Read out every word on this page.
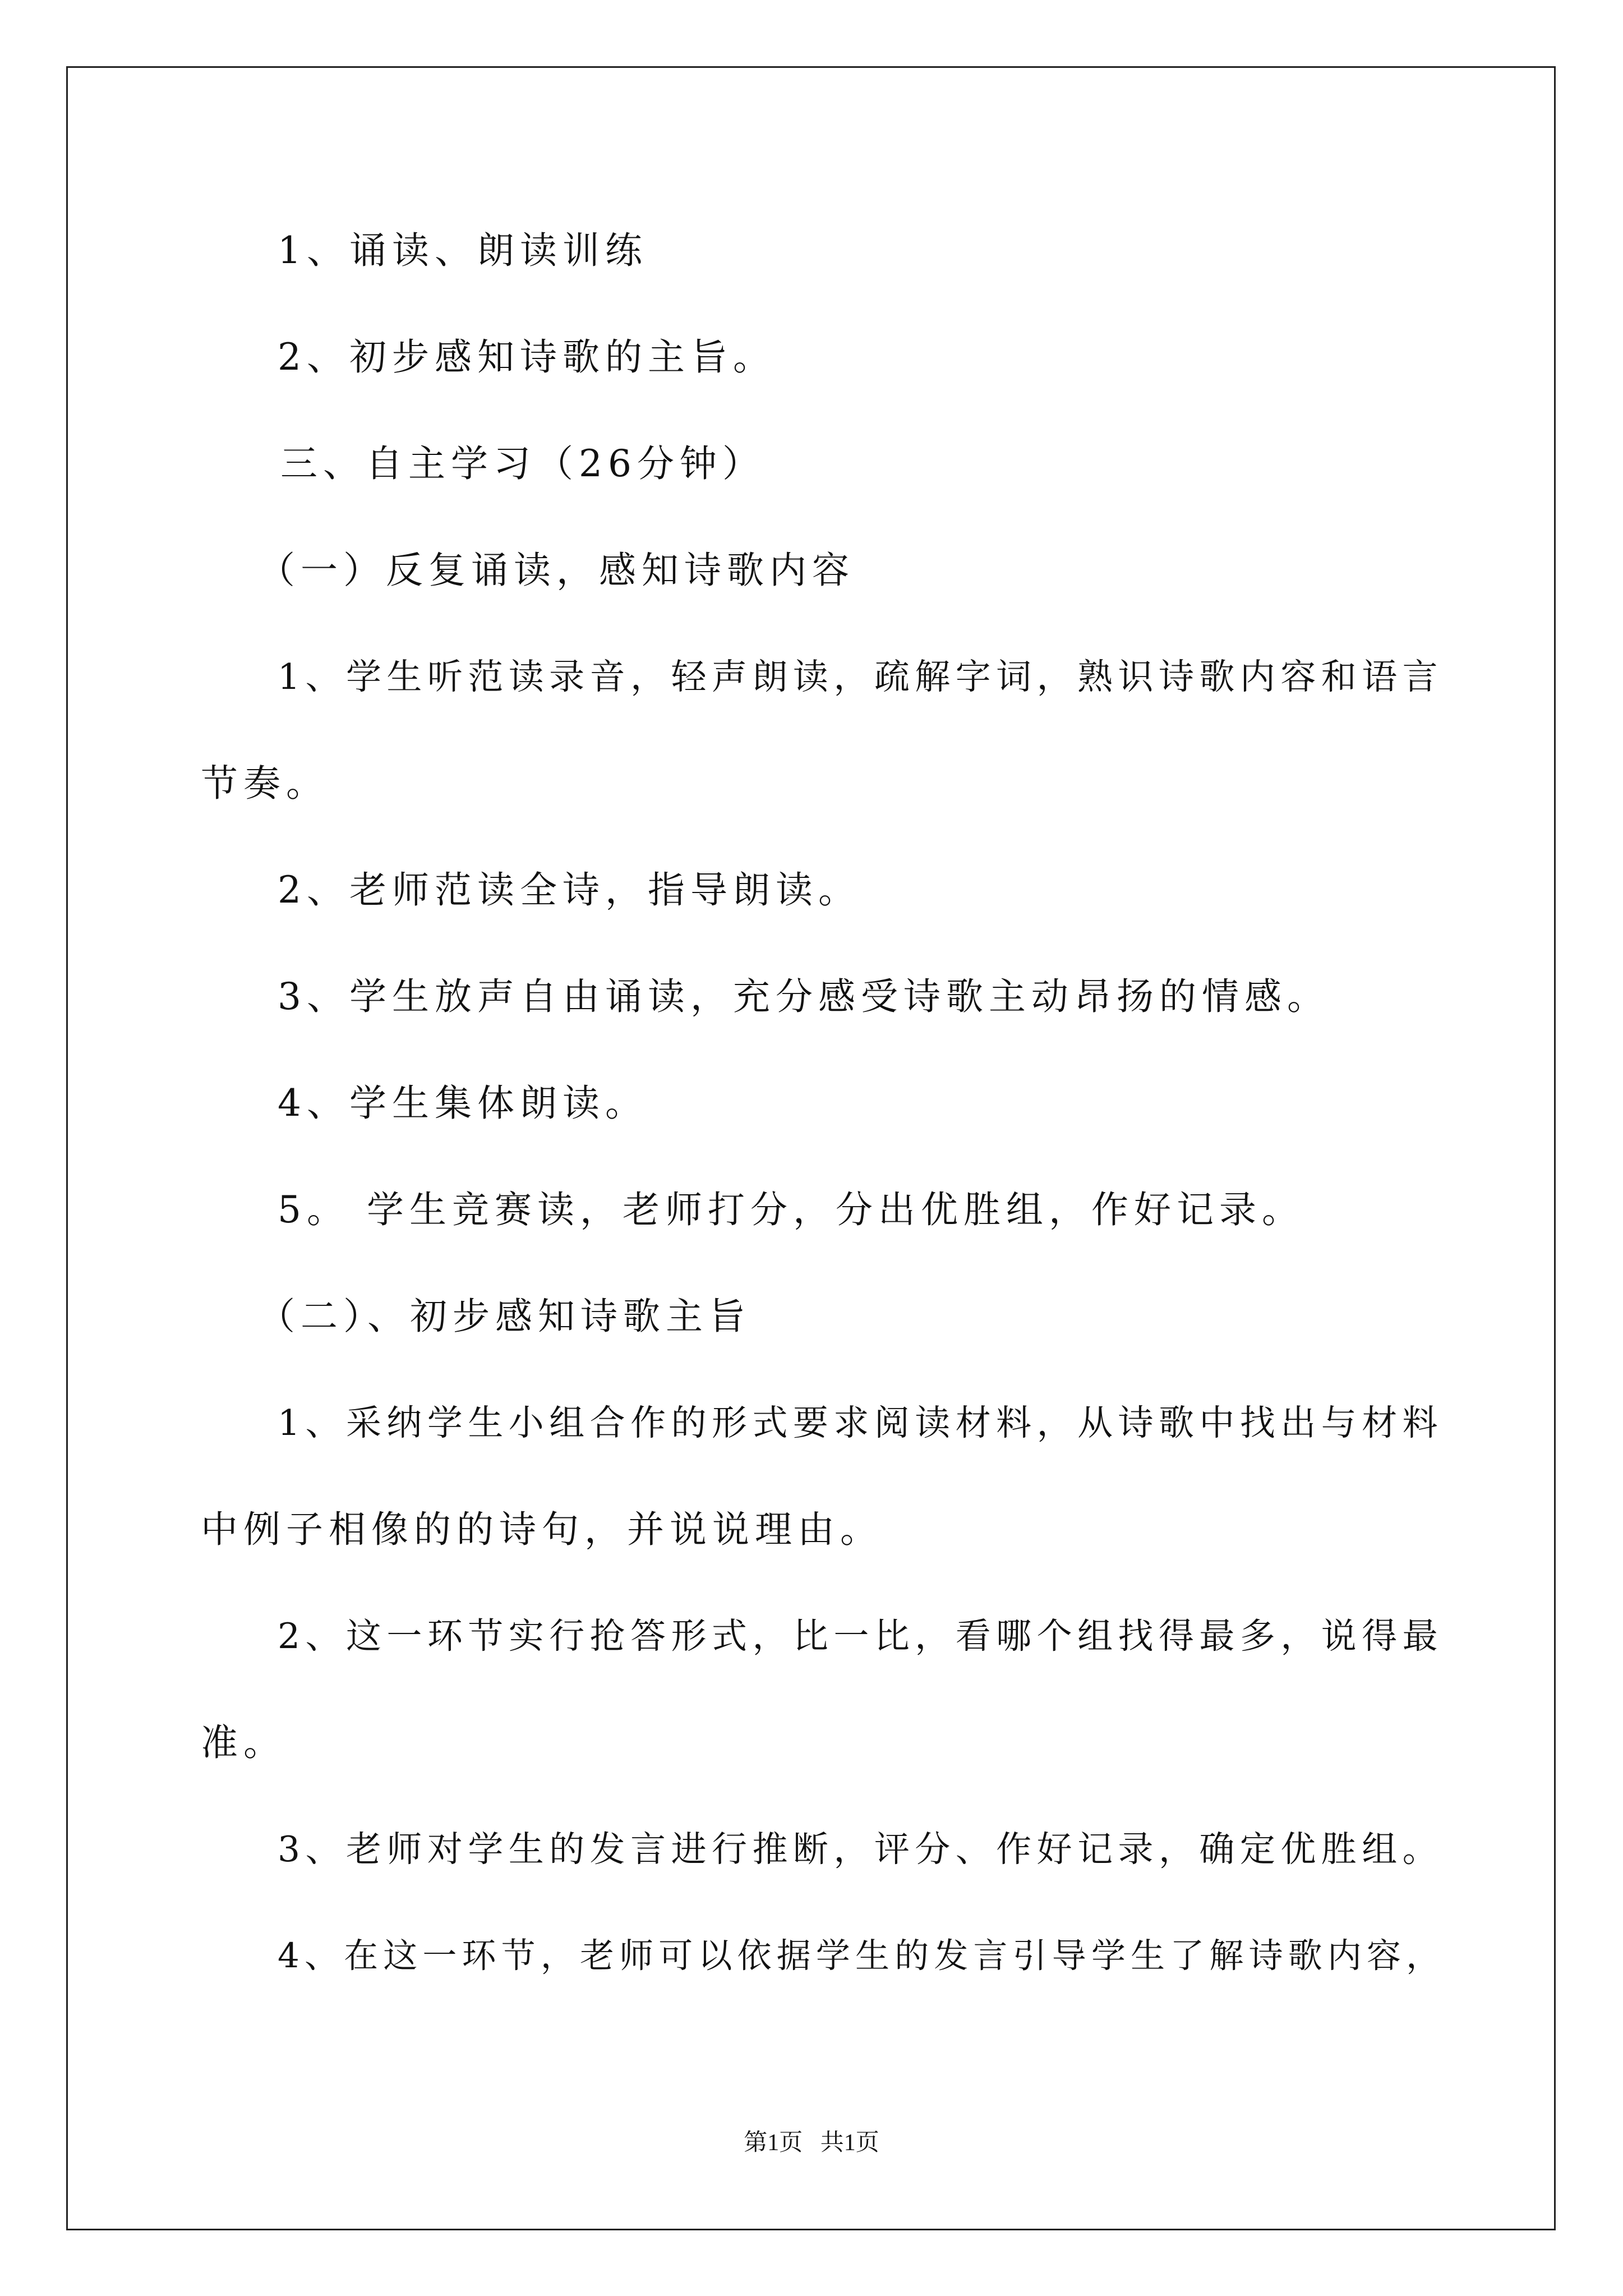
1、诵读、朗读训练
2、初步感知诗歌的主旨。
三、自主学习（26分钟）
（一）反复诵读，感知诗歌内容
1、学生听范读录音，轻声朗读，疏解字词，熟识诗歌内容和语言
节奏。
2、老师范读全诗，指导朗读。
3、学生放声自由诵读，充分感受诗歌主动昂扬的情感。
4、学生集体朗读。
5。 学生竞赛读，老师打分，分出优胜组，作好记录。
（二）、初步感知诗歌主旨
1、采纳学生小组合作的形式要求阅读材料，从诗歌中找出与材料
中例子相像的的诗句，并说说理由。
2、这一环节实行抢答形式，比一比，看哪个组找得最多，说得最
准。
3、老师对学生的发言进行推断，评分、作好记录，确定优胜组。
4、在这一环节，老师可以依据学生的发言引导学生了解诗歌内容，
第1页   共1页
